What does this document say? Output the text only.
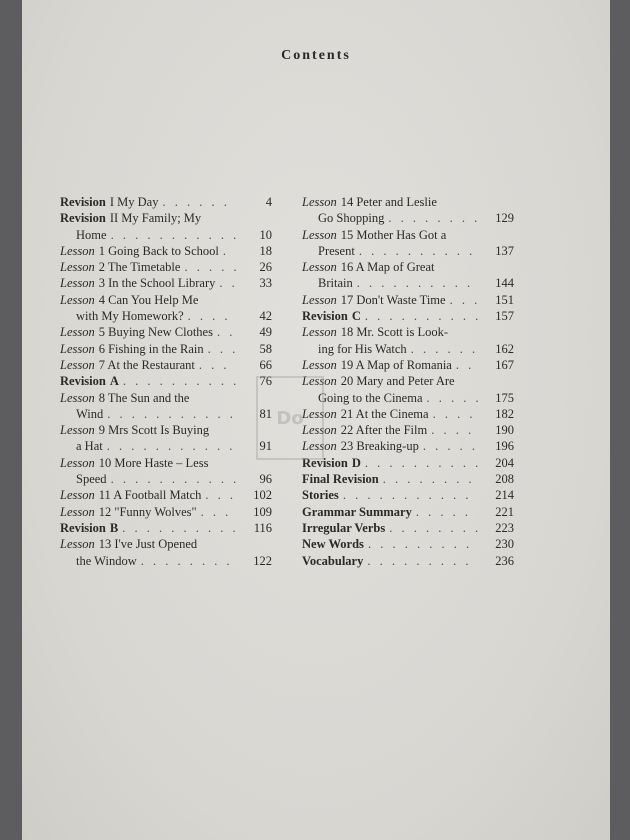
Contents
Revision I My Day . . .	4
Revision II My Family; My
Home . . .	10
Lesson 1 Going Back to School . . .	18
Lesson 2 The Timetable . . .	26
Lesson 3 In the School Library . . .	33
Lesson 4 Can You Help Me
with My Homework? . . .	42
Lesson 5 Buying New Clothes . . .	49
Lesson 6 Fishing in the Rain . . .	58
Lesson 7 At the Restaurant . . .	66
Revision A . . .	76
Lesson 8 The Sun and the
Wind . . .	81
Lesson 9 Mrs Scott Is Buying
a Hat . . .	91
Lesson 10 More Haste – Less
Speed . . .	96
Lesson 11 A Football Match . . .	102
Lesson 12 "Funny Wolves" . . .	109
Revision B . . .	116
Lesson 13 I've Just Opened
the Window . . .	122
Lesson 14 Peter and Leslie
Go Shopping . . .	129
Lesson 15 Mother Has Got a
Present . . .	137
Lesson 16 A Map of Great
Britain . . .	144
Lesson 17 Don't Waste Time . . .	151
Revision C . . .	157
Lesson 18 Mr. Scott is Look-
ing for His Watch . . .	162
Lesson 19 A Map of Romania . . .	167
Lesson 20 Mary and Peter Are
Going to the Cinema . . .	175
Lesson 21 At the Cinema . . .	182
Lesson 22 After the Film . . .	190
Lesson 23 Breaking-up . . .	196
Revision D . . .	204
Final Revision . . .	208
Stories . . .	214
Grammar Summary . . .	221
Irregular Verbs . . .	223
New Words . . .	230
Vocabulary . . .	236
Do
